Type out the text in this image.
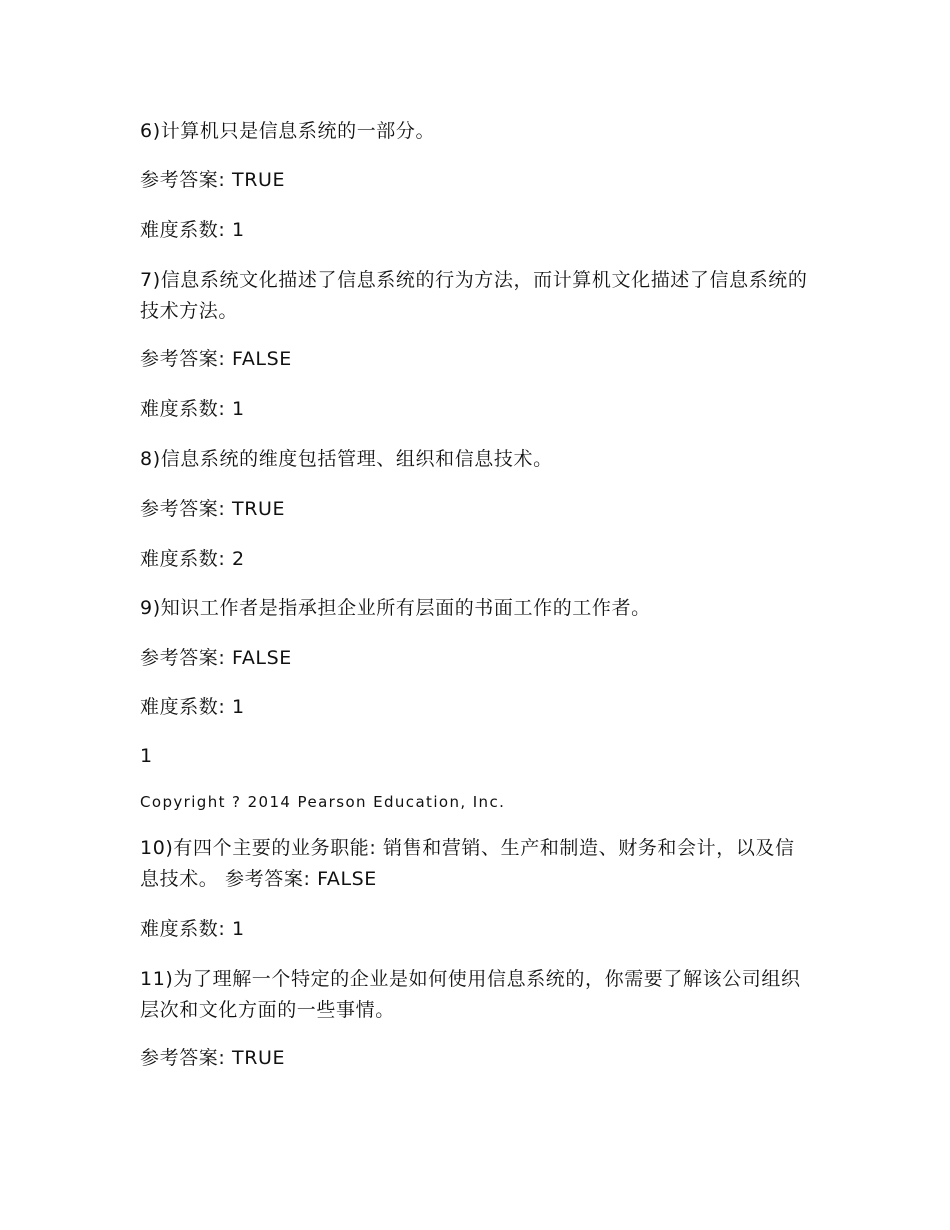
6)计算机只是信息系统的一部分。
参考答案: TRUE
难度系数: 1
7)信息系统文化描述了信息系统的行为方法，而计算机文化描述了信息系统的技术方法。
参考答案: FALSE
难度系数: 1
8)信息系统的维度包括管理、组织和信息技术。
参考答案: TRUE
难度系数: 2
9)知识工作者是指承担企业所有层面的书面工作的工作者。
参考答案: FALSE
难度系数: 1
1
Copyright ? 2014 Pearson Education, Inc.
10)有四个主要的业务职能: 销售和营销、生产和制造、财务和会计，以及信息技术。 参考答案: FALSE
难度系数: 1
11)为了理解一个特定的企业是如何使用信息系统的，你需要了解该公司组织层次和文化方面的一些事情。
参考答案: TRUE
